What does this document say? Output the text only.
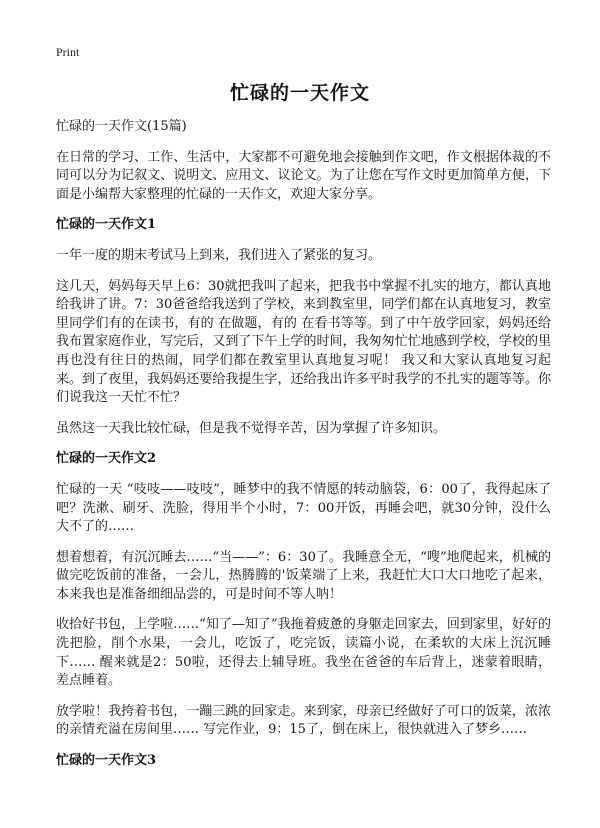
Print
忙碌的一天作文

忙碌的一天作文(15篇)

在日常的学习、工作、生活中，大家都不可避免地会接触到作文吧，作文根据体裁的不同可以分为记叙文、说明文、应用文、议论文。为了让您在写作文时更加简单方便，下面是小编帮大家整理的忙碌的一天作文，欢迎大家分享。

忙碌的一天作文1

一年一度的期末考试马上到来，我们进入了紧张的复习。

这几天，妈妈每天早上6：30就把我叫了起来，把我书中掌握不扎实的地方，都认真地给我讲了讲。7：30爸爸给我送到了学校，来到教室里，同学们都在认真地复习，教室里同学们有的在读书，有的 在做题，有的 在看书等等。到了中午放学回家，妈妈还给我布置家庭作业，写完后，又到了下午上学的时间，我匆匆忙忙地感到学校，学校的里再也没有往日的热闹，同学们都在教室里认真地复习呢！ 我又和大家认真地复习起来。到了夜里，我妈妈还要给我提生字，还给我出许多平时我学的不扎实的题等等。你们说我这一天忙不忙？

虽然这一天我比较忙碌，但是我不觉得辛苦，因为掌握了许多知识。

忙碌的一天作文2

忙碌的一天 “吱吱——吱吱”，睡梦中的我不情愿的转动脑袋，6：00了，我得起床了吧？洗漱、刷牙、洗脸，得用半个小时，7：00开饭，再睡会吧，就30分钟，没什么大不了的……

想着想着，有沉沉睡去……“当——”：6：30了。我睡意全无，“嗖”地爬起来，机械的做完吃饭前的准备，一会儿，热腾腾的'饭菜端了上来，我赶忙大口大口地吃了起来，本来我也是准备细细品尝的，可是时间不等人呐！

收拾好书包，上学啦……“知了—知了”我拖着疲惫的身躯走回家去，回到家里，好好的洗把脸，削个水果，一会儿，吃饭了，吃完饭，读篇小说，在柔软的大床上沉沉睡下…… 醒来就是2：50啦，还得去上辅导班。我坐在爸爸的车后背上，迷蒙着眼睛，差点睡着。

放学啦！我挎着书包，一蹦三跳的回家走。来到家，母亲已经做好了可口的饭菜，浓浓的亲情充溢在房间里…… 写完作业，9：15了，倒在床上，很快就进入了梦乡……

忙碌的一天作文3
